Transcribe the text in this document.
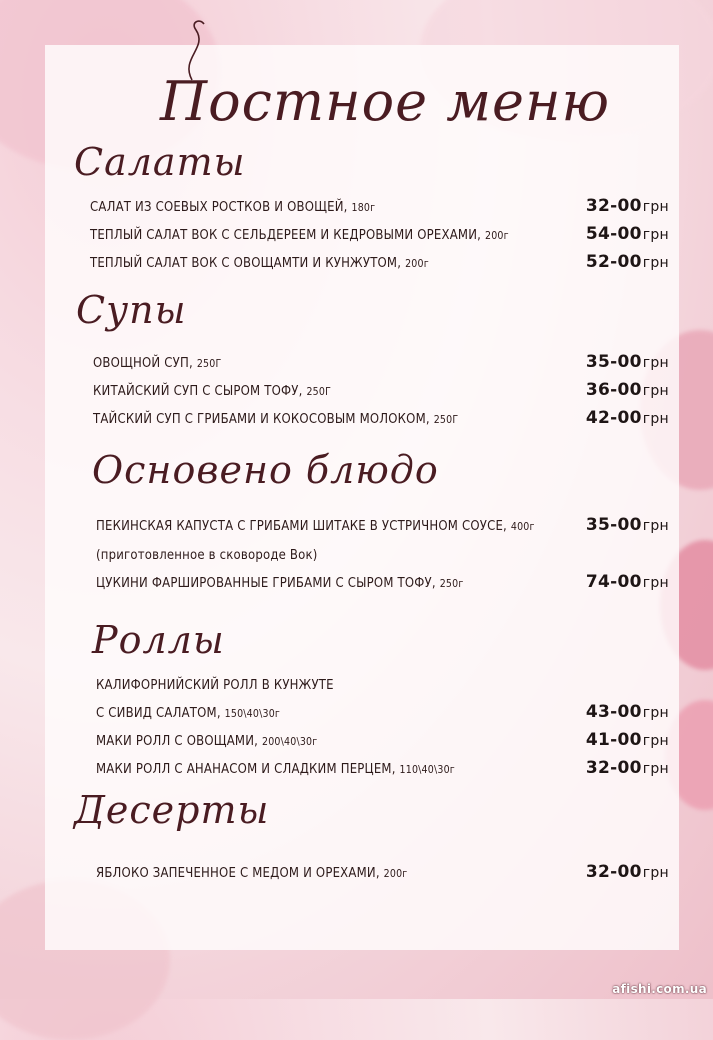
Постное меню
Салаты
САЛАТ ИЗ СОЕВЫХ РОСТКОВ И ОВОЩЕЙ, 180г	32-00грн
ТЕПЛЫЙ САЛАТ ВОК С СЕЛЬДЕРЕЕМ И КЕДРОВЫМИ ОРЕХАМИ, 200г	54-00грн
ТЕПЛЫЙ САЛАТ ВОК С ОВОЩАМТИ И КУНЖУТОМ, 200г	52-00грн
Супы
ОВОЩНОЙ СУП, 250Г	35-00грн
КИТАЙСКИЙ СУП С СЫРОМ ТОФУ, 250Г	36-00грн
ТАЙСКИЙ СУП С ГРИБАМИ И КОКОСОВЫМ МОЛОКОМ, 250Г	42-00грн
Основено блюдо
ПЕКИНСКАЯ КАПУСТА С ГРИБАМИ ШИТАКЕ В УСТРИЧНОМ СОУСЕ, 400г	35-00грн
(приготовленное в сковороде Вок)
ЦУКИНИ ФАРШИРОВАННЫЕ ГРИБАМИ С СЫРОМ ТОФУ, 250г	74-00грн
Роллы
КАЛИФОРНИЙСКИЙ РОЛЛ В КУНЖУТЕ
С СИВИД САЛАТОМ, 150\40\30г	43-00грн
МАКИ РОЛЛ С ОВОЩАМИ, 200\40\30г	41-00грн
МАКИ РОЛЛ С АНАНАСОМ И СЛАДКИМ ПЕРЦЕМ, 110\40\30г	32-00грн
Десерты
ЯБЛОКО ЗАПЕЧЕННОЕ С МЕДОМ И ОРЕХАМИ, 200г	32-00грн
afishi.com.ua
